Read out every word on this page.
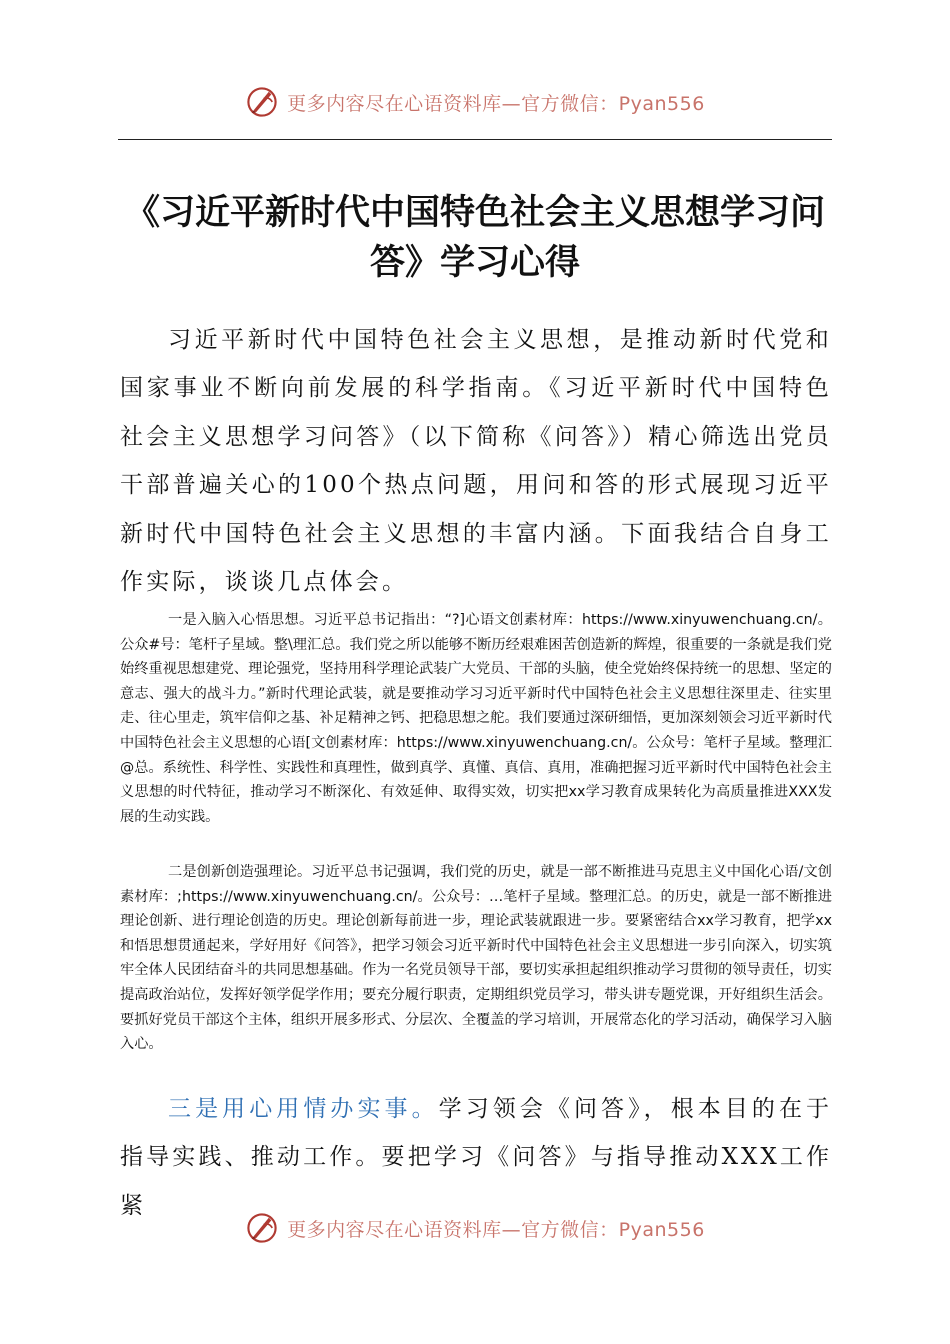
更多内容尽在心语资料库—官方微信：Pyan556
《习近平新时代中国特色社会主义思想学习问答》学习心得

习近平新时代中国特色社会主义思想，是推动新时代党和国家事业不断向前发展的科学指南。《习近平新时代中国特色社会主义思想学习问答》（以下简称《问答》）精心筛选出党员干部普遍关心的100个热点问题，用问和答的形式展现习近平新时代中国特色社会主义思想的丰富内涵。下面我结合自身工作实际，谈谈几点体会。

一是入脑入心悟思想。习近平总书记指出：“?]心语文创素材库：https://www.xinyuwenchuang.cn/。公众#号：笔杆子星域。整\理汇总。我们党之所以能够不断历经艰难困苦创造新的辉煌，很重要的一条就是我们党始终重视思想建党、理论强党，坚持用科学理论武装广大党员、干部的头脑，使全党始终保持统一的思想、坚定的意志、强大的战斗力。”新时代理论武装，就是要推动学习习近平新时代中国特色社会主义思想往深里走、往实里走、往心里走，筑牢信仰之基、补足精神之钙、把稳思想之舵。我们要通过深研细悟，更加深刻领会习近平新时代中国特色社会主义思想的心语[文创素材库：https://www.xinyuwenchuang.cn/。公众号：笔杆子星域。整理汇@总。系统性、科学性、实践性和真理性，做到真学、真懂、真信、真用，准确把握习近平新时代中国特色社会主义思想的时代特征，推动学习不断深化、有效延伸、取得实效，切实把xx学习教育成果转化为高质量推进XXX发展的生动实践。

二是创新创造强理论。习近平总书记强调，我们党的历史，就是一部不断推进马克思主义中国化心语/文创素材库：;https://www.xinyuwenchuang.cn/。公众号：…笔杆子星域。整理汇总。的历史，就是一部不断推进理论创新、进行理论创造的历史。理论创新每前进一步，理论武装就跟进一步。要紧密结合xx学习教育，把学xx和悟思想贯通起来，学好用好《问答》，把学习领会习近平新时代中国特色社会主义思想进一步引向深入，切实筑牢全体人民团结奋斗的共同思想基础。作为一名党员领导干部，要切实承担起组织推动学习贯彻的领导责任，切实提高政治站位，发挥好领学促学作用；要充分履行职责，定期组织党员学习，带头讲专题党课，开好组织生活会。要抓好党员干部这个主体，组织开展多形式、分层次、全覆盖的学习培训，开展常态化的学习活动，确保学习入脑入心。

三是用心用情办实事。学习领会《问答》，根本目的在于指导实践、推动工作。要把学习《问答》与指导推动XXX工作紧

更多内容尽在心语资料库—官方微信：Pyan556
